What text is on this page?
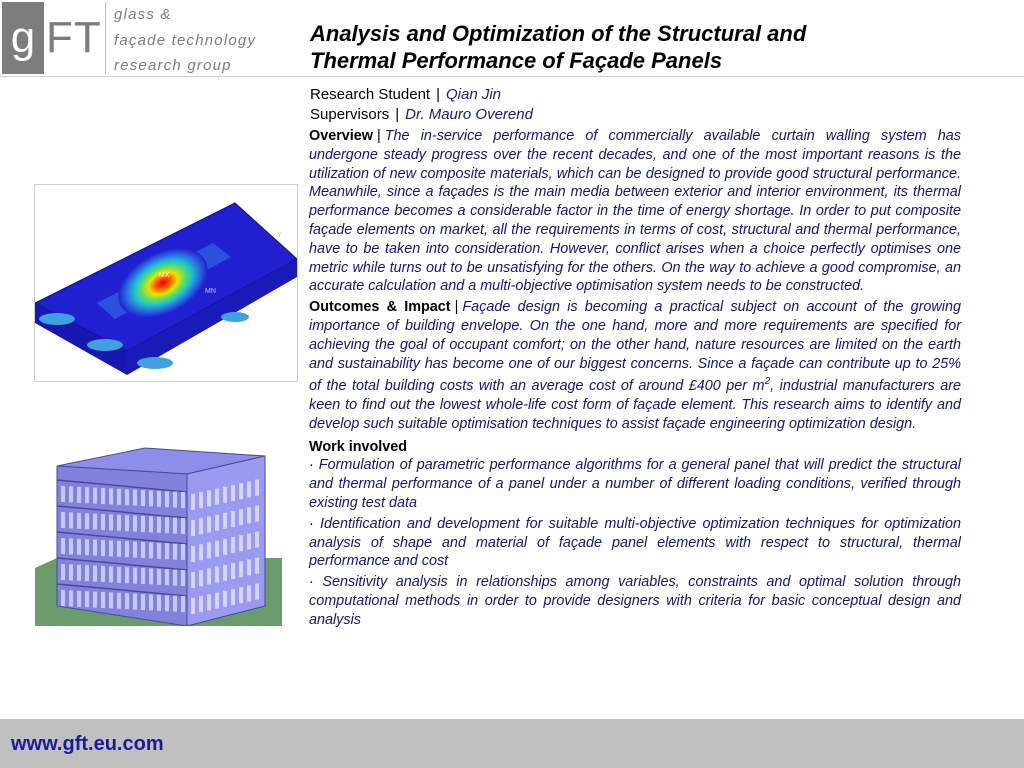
g FT glass &
façade technology
research group
Analysis and Optimization of the Structural and
Thermal Performance of Façade Panels
Research Student | Qian Jin
Supervisors | Dr. Mauro Overend

Overview | The in-service performance of commercially available curtain walling system has undergone steady progress over the recent decades, and one of the most important reasons is the utilization of new composite materials, which can be designed to provide good structural performance. Meanwhile, since a façades is the main media between exterior and interior environment, its thermal performance becomes a considerable factor in the time of energy shortage. In order to put composite façade elements on market, all the requirements in terms of cost, structural and thermal performance, have to be taken into consideration. However, conflict arises when a choice perfectly optimises one metric while turns out to be unsatisfying for the others. On the way to achieve a good compromise, an accurate calculation and a multi-objective optimisation system needs to be constructed.

Outcomes & Impact | Façade design is becoming a practical subject on account of the growing importance of building envelope. On the one hand, more and more requirements are specified for achieving the goal of occupant comfort; on the other hand, nature resources are limited on the earth and sustainability has become one of our biggest concerns. Since a façade can contribute up to 25% of the total building costs with an average cost of around £400 per $m^2$, industrial manufacturers are keen to find out the lowest whole-life cost form of façade element. This research aims to identify and develop such suitable optimisation techniques to assist façade engineering optimization design.

Work involved

· Formulation of parametric performance algorithms for a general panel that will predict the structural and thermal performance of a panel under a number of different loading conditions, verified through existing test data

· Identification and development for suitable multi-objective optimization techniques for optimization analysis of shape and material of façade panel elements with respect to structural, thermal performance and cost

· Sensitivity analysis in relationships among variables, constraints and optimal solution through computational methods in order to provide designers with criteria for basic conceptual design and analysis

MX
MN
Y
www.gft.eu.com
